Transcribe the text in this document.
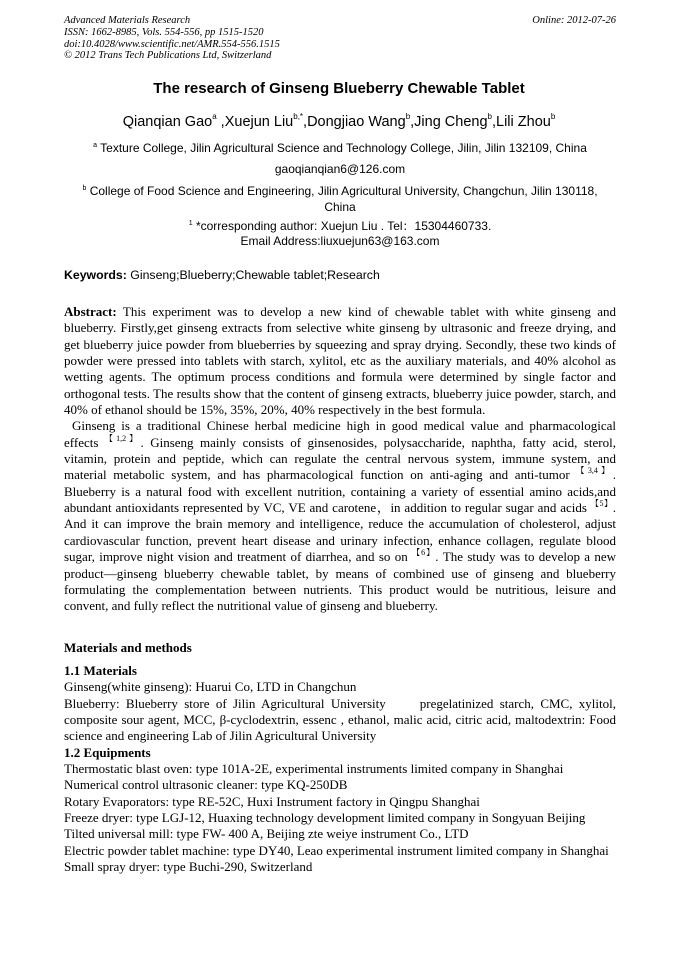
Advanced Materials Research
ISSN: 1662-8985, Vols. 554-556, pp 1515-1520
doi:10.4028/www.scientific.net/AMR.554-556.1515
© 2012 Trans Tech Publications Ltd, Switzerland
Online: 2012-07-26
The research of Ginseng Blueberry Chewable Tablet
Qianqian Gao$^a$ ,Xuejun Liu$^{b,*}$,Dongjiao Wang$^b$,Jing Cheng$^b$,Lili Zhou$^b$
$^a$ Texture College, Jilin Agricultural Science and Technology College, Jilin, Jilin 132109, China
gaoqianqian6@126.com
$^b$ College of Food Science and Engineering, Jilin Agricultural University, Changchun, Jilin 130118, China
$^1$ *corresponding author: Xuejun Liu . Tel：15304460733.
Email Address:liuxuejun63@163.com
Keywords: Ginseng;Blueberry;Chewable tablet;Research

Abstract: This experiment was to develop a new kind of chewable tablet with white ginseng and blueberry. Firstly,get ginseng extracts from selective white ginseng by ultrasonic and freeze drying, and get blueberry juice powder from blueberries by squeezing and spray drying. Secondly, these two kinds of powder were pressed into tablets with starch, xylitol, etc as the auxiliary materials, and 40% alcohol as wetting agents. The optimum process conditions and formula were determined by single factor and orthogonal tests. The results show that the content of ginseng extracts, blueberry juice powder, starch, and 40% of ethanol should be 15%, 35%, 20%, 40% respectively in the best formula.

Ginseng is a traditional Chinese herbal medicine high in good medical value and pharmacological effects $^{【1,2】}$. Ginseng mainly consists of ginsenosides, polysaccharide, naphtha, fatty acid, sterol, vitamin, protein and peptide, which can regulate the central nervous system, immune system, and material metabolic system, and has pharmacological function on anti-aging and anti-tumor $^{【3,4】}$. Blueberry is a natural food with excellent nutrition, containing a variety of essential amino acids,and abundant antioxidants represented by VC, VE and carotene，in addition to regular sugar and acids $^{【5】}$. And it can improve the brain memory and intelligence, reduce the accumulation of cholesterol, adjust cardiovascular function, prevent heart disease and urinary infection, enhance collagen, regulate blood sugar, improve night vision and treatment of diarrhea, and so on $^{【6】}$. The study was to develop a new product—ginseng blueberry chewable tablet, by means of combined use of ginseng and blueberry formulating the complementation between nutrients. This product would be nutritious, leisure and convent, and fully reflect the nutritional value of ginseng and blueberry.

Materials and methods

1.1 Materials

Ginseng(white ginseng): Huarui Co, LTD in Changchun

Blueberry: Blueberry store of Jilin Agricultural University	pregelatinized starch, CMC, xylitol, composite sour agent, MCC, β-cyclodextrin, essenc , ethanol, malic acid, citric acid, maltodextrin: Food science and engineering Lab of Jilin Agricultural University

1.2 Equipments

Thermostatic blast oven: type 101A-2E, experimental instruments limited company in Shanghai

Numerical control ultrasonic cleaner: type KQ-250DB

Rotary Evaporators: type RE-52C, Huxi Instrument factory in Qingpu Shanghai

Freeze dryer: type LGJ-12, Huaxing technology development limited company in Songyuan Beijing

Tilted universal mill: type FW- 400 A, Beijing zte weiye instrument Co., LTD

Electric powder tablet machine: type DY40, Leao experimental instrument limited company in Shanghai

Small spray dryer: type Buchi-290, Switzerland
